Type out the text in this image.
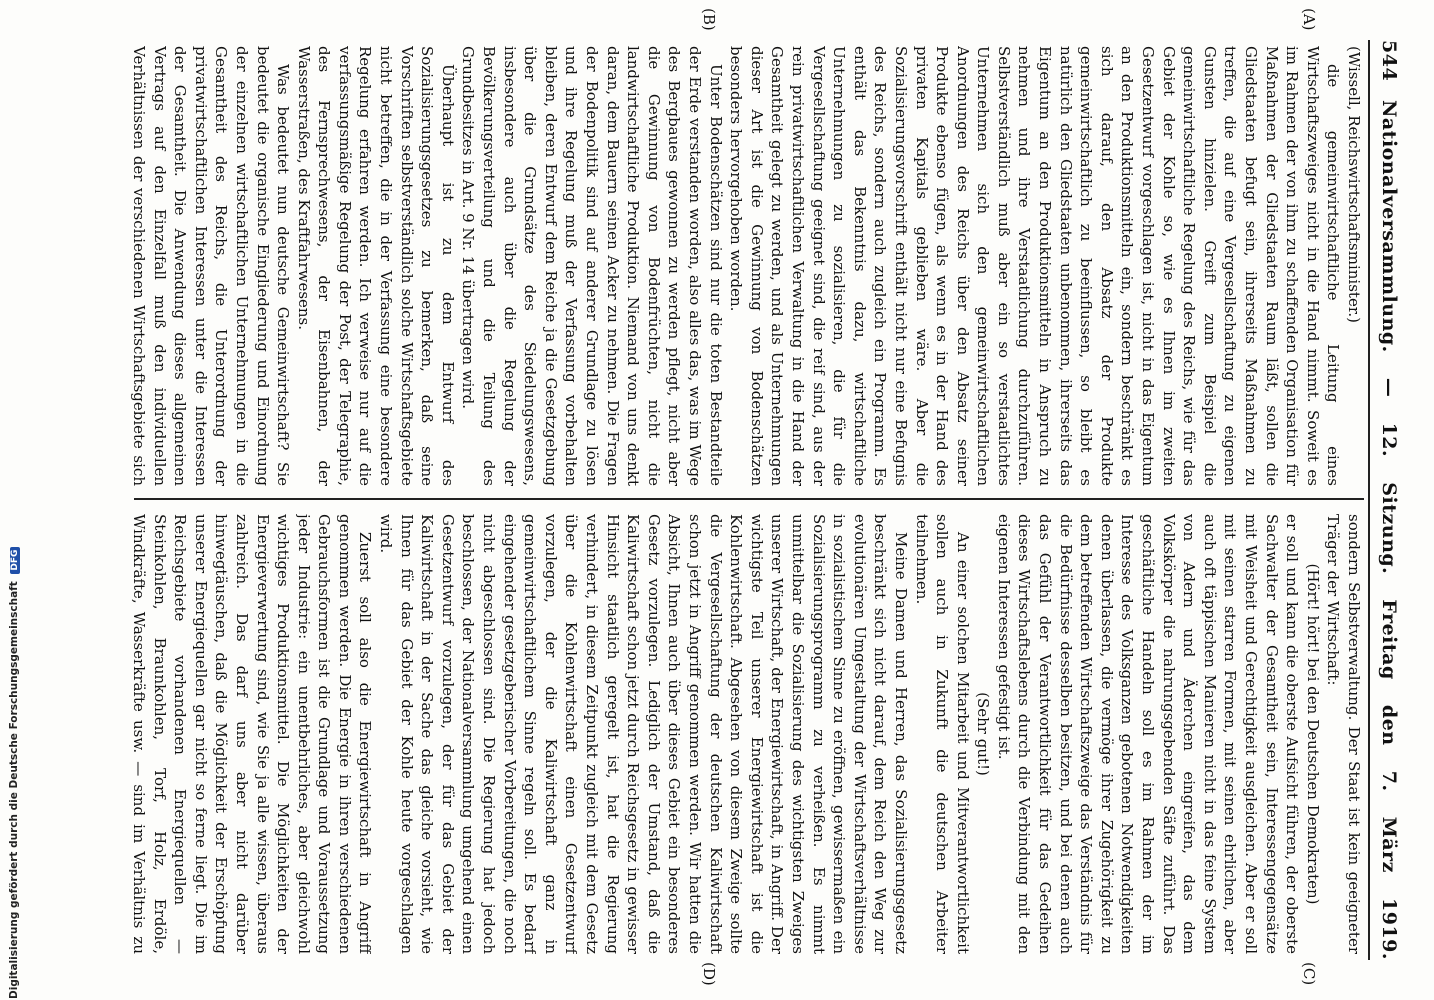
544
Nationalversammlung. — 12. Sitzung. Freitag den 7. März 1919.
(A)
(B)
(C)
(D)

(Wissell, Reichswirtschaftsminister.)

die gemeinwirtschaftliche Leitung eines Wirtschaftszweiges nicht in die Hand nimmt. Soweit es im Rahmen der von ihm zu schaffenden Organisation für Maßnahmen der Gliedstaaten Raum läßt, sollen die Gliedstaaten befugt sein, ihrerseits Maßnahmen zu treffen, die auf eine Vergesellschaftung zu eigenen Gunsten hinzielen. Greift zum Beispiel die gemeinwirtschaftliche Regelung des Reichs, wie für das Gebiet der Kohle so, wie es Ihnen im zweiten Gesetzentwurf vorgeschlagen ist, nicht in das Eigentum an den Produktionsmitteln ein, sondern beschränkt es sich darauf, den Absatz der Produkte gemeinwirtschaftlich zu beeinflussen, so bleibt es natürlich den Gliedstaaten unbenommen, ihrerseits das Eigentum an den Produktionsmitteln in Anspruch zu nehmen und ihre Verstaatlichung durchzuführen. Selbstverständlich muß aber ein so verstaatlichtes Unternehmen sich den gemeinwirtschaftlichen Anordnungen des Reichs über den Absatz seiner Produkte ebenso fügen, als wenn es in der Hand des privaten Kapitals geblieben wäre. Aber die Sozialisierungsvorschrift enthält nicht nur eine Befugnis des Reichs, sondern auch zugleich ein Programm. Es enthält das Bekenntnis dazu, wirtschaftliche Unternehmungen zu sozialisieren, die für die Vergesellschaftung geeignet sind, die reif sind, aus der rein privatwirtschaftlichen Verwaltung in die Hand der Gesamtheit gelegt zu werden, und als Unternehmungen dieser Art ist die Gewinnung von Bodenschätzen besonders hervorgehoben worden.

Unter Bodenschätzen sind nur die toten Bestandteile der Erde verstanden worden, also alles das, was im Wege des Bergbaues gewonnen zu werden pflegt, nicht aber die Gewinnung von Bodenfrüchten, nicht die landwirtschaftliche Produktion. Niemand von uns denkt daran, dem Bauern seinen Acker zu nehmen. Die Fragen der Bodenpolitik sind auf anderer Grundlage zu lösen und ihre Regelung muß der Verfassung vorbehalten bleiben, deren Entwurf dem Reiche ja die Gesetzgebung über die Grundsätze des Siedelungswesens, insbesondere auch über die Regelung der Bevölkerungsverteilung und die Teilung des Grundbesitzes in Art. 9 Nr. 14 übertragen wird.

Überhaupt ist zu dem Entwurf des Sozialisierungsgesetzes zu bemerken, daß seine Vorschriften selbstverständlich solche Wirtschaftsgebiete nicht betreffen, die in der Verfassung eine besondere Regelung erfahren werden. Ich verweise nur auf die verfassungsmäßige Regelung der Post, der Telegraphie, des Fernsprechwesens, der Eisenbahnen, der Wasserstraßen, des Kraftfahrwesens.

Was bedeutet nun deutsche Gemeinwirtschaft? Sie bedeutet die organische Eingliederung und Einordnung der einzelnen wirtschaftlichen Unternehmungen in die Gesamtheit des Reichs, die Unterordnung der privatwirtschaftlichen Interessen unter die Interessen der Gesamtheit. Die Anwendung dieses allgemeinen Vertrags auf den Einzelfall muß den individuellen Verhältnissen der verschiedenen Wirtschaftsgebiete sich

sondern Selbstverwaltung. Der Staat ist kein geeigneter Träger der Wirtschaft:

(Hört! hört! bei den Deutschen Demokraten)

er soll und kann die oberste Aufsicht führen, der oberste Sachwalter der Gesamtheit sein, Interessengegensätze mit Weisheit und Gerechtigkeit ausgleichen. Aber er soll mit seinen starren Formen, mit seinen ehrlichen, aber auch oft täppischen Manieren nicht in das feine System von Adern und Äderchen eingreifen, das dem Volkskörper die nahrungsgebenden Säfte zuführt. Das geschäftliche Handeln soll es im Rahmen der im Interesse des Volksganzen gebotenen Notwendigkeiten denen überlassen, die vermöge ihrer Zugehörigkeit zu dem betreffenden Wirtschaftszweige das Verständnis für die Bedürfnisse desselben besitzen, und bei denen auch das Gefühl der Verantwortlichkeit für das Gedeihen dieses Wirtschaftslebens durch die Verbindung mit den eigenen Interessen gefestigt ist.

(Sehr gut!)

An einer solchen Mitarbeit und Mitverantwortlichkeit sollen auch in Zukunft die deutschen Arbeiter teilnehmen.

Meine Damen und Herren, das Sozialisierungsgesetz beschränkt sich nicht darauf, dem Reich den Weg zur evolutionären Umgestaltung der Wirtschaftsverhältnisse in sozialistischem Sinne zu eröffnen, gewissermaßen ein Sozialisierungsprogramm zu verheißen. Es nimmt unmittelbar die Sozialisierung des wichtigsten Zweiges unserer Wirtschaft, der Energiewirtschaft, in Angriff. Der wichtigste Teil unserer Energiewirtschaft ist die Kohlenwirtschaft. Abgesehen von diesem Zweige sollte die Vergesellschaftung der deutschen Kaliwirtschaft schon jetzt in Angriff genommen werden. Wir hatten die Absicht, Ihnen auch über dieses Gebiet ein besonderes Gesetz vorzulegen. Lediglich der Umstand, daß die Kaliwirtschaft schon jetzt durch Reichsgesetz in gewisser Hinsicht staatlich geregelt ist, hat die Regierung verhindert, in diesem Zeitpunkt zugleich mit dem Gesetz über die Kohlenwirtschaft einen Gesetzentwurf vorzulegen, der die Kaliwirtschaft ganz in gemeinwirtschaftlichem Sinne regeln soll. Es bedarf eingehender gesetzgeberischer Vorbereitungen, die noch nicht abgeschlossen sind. Die Regierung hat jedoch beschlossen, der Nationalversammlung umgehend einen Gesetzentwurf vorzulegen, der für das Gebiet der Kaliwirtschaft in der Sache das gleiche vorsieht, wie Ihnen für das Gebiet der Kohle heute vorgeschlagen wird.

Zuerst soll also die Energiewirtschaft in Angriff genommen werden. Die Energie in ihren verschiedenen Gebrauchsformen ist die Grundlage und Voraussetzung jeder Industrie: ein unentbehrliches, aber gleichwohl wichtiges Produktionsmittel. Die Möglichkeiten der Energieverwertung sind, wie Sie ja alle wissen, überaus zahlreich. Das darf uns aber nicht darüber hinwegtäuschen, daß die Möglichkeit der Erschöpfung unserer Energiequellen gar nicht so ferne liegt. Die im Reichsgebiete vorhandenen Energiequellen — Steinkohlen, Braunkohlen, Torf, Holz, Erdöle, Windkräfte, Wasserkräfte usw. — sind im Verhältnis zu

Digitalisierung gefördert durch die Deutsche Forschungsgemeinschaft DFG
